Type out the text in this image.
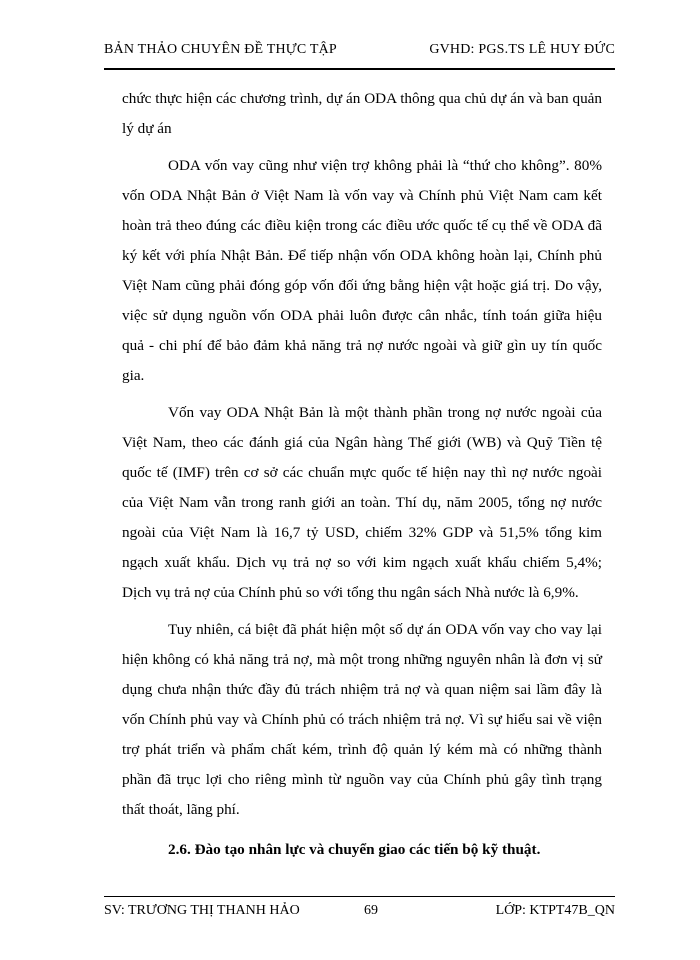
BẢN THẢO CHUYÊN ĐỀ THỰC TẬP	GVHD: PGS.TS LÊ HUY ĐỨC

chức thực hiện các chương trình, dự án ODA thông qua chủ dự án và ban quản lý dự án

ODA vốn vay cũng như viện trợ không phải là “thứ cho không”. 80% vốn ODA Nhật Bản ở Việt Nam là vốn vay và Chính phủ Việt Nam cam kết hoàn trả theo đúng các điều kiện trong các điều ước quốc tế cụ thể về ODA đã ký kết với phía Nhật Bản. Để tiếp nhận vốn ODA không hoàn lại, Chính phủ Việt Nam cũng phải đóng góp vốn đối ứng bằng hiện vật hoặc giá trị. Do vậy, việc sử dụng nguồn vốn ODA phải luôn được cân nhắc, tính toán giữa hiệu quả - chi phí để bảo đảm khả năng trả nợ nước ngoài và giữ gìn uy tín quốc gia.

Vốn vay ODA Nhật Bản là một thành phần trong nợ nước ngoài của Việt Nam, theo các đánh giá của Ngân hàng Thế giới (WB) và Quỹ Tiền tệ quốc tế (IMF) trên cơ sở các chuẩn mực quốc tế hiện nay thì nợ nước ngoài của Việt Nam vẫn trong ranh giới an toàn. Thí dụ, năm 2005, tổng nợ nước ngoài của Việt Nam là 16,7 tỷ USD, chiếm 32% GDP và 51,5% tổng kim ngạch xuất khẩu. Dịch vụ trả nợ so với kim ngạch xuất khẩu chiếm 5,4%; Dịch vụ trả nợ của Chính phủ so với tổng thu ngân sách Nhà nước là 6,9%.

Tuy nhiên, cá biệt đã phát hiện một số dự án ODA vốn vay cho vay lại hiện không có khả năng trả nợ, mà một trong những nguyên nhân là đơn vị sử dụng chưa nhận thức đầy đủ trách nhiệm trả nợ và quan niệm sai lầm đây là vốn Chính phủ vay và Chính phủ có trách nhiệm trả nợ. Vì sự hiểu sai về viện trợ phát triển và phẩm chất kém, trình độ quản lý kém mà có những thành phần đã trục lợi cho riêng mình từ nguồn vay của Chính phủ gây tình trạng thất thoát, lãng phí.

2.6. Đào tạo nhân lực và chuyển giao các tiến bộ kỹ thuật.

SV: TRƯƠNG THỊ THANH HẢO	69	LỚP: KTPT47B_QN
